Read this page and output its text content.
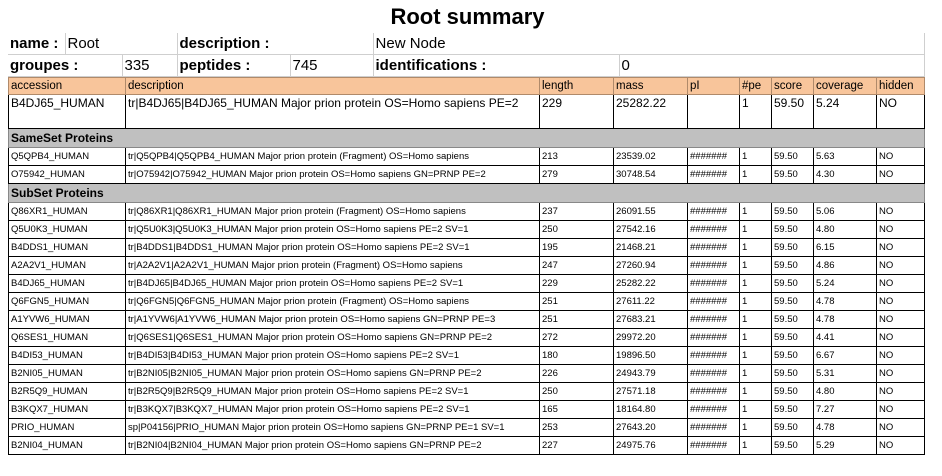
Root summary
name :	Root		description :		New Node	
groupes :		335	peptides :	745	identifications :	0
accession	description	length	mass	pI	#pe	score	coverage	hidden
B4DJ65_HUMAN	tr|B4DJ65|B4DJ65_HUMAN Major prion protein OS=Homo sapiens PE=2	229	25282.22		1	59.50	5.24	NO
SameSet Proteins								
Q5QPB4_HUMAN	tr|Q5QPB4|Q5QPB4_HUMAN Major prion protein (Fragment) OS=Homo sapiens	213	23539.02	#######	1	59.50	5.63	NO
O75942_HUMAN	tr|O75942|O75942_HUMAN Major prion protein OS=Homo sapiens GN=PRNP PE=2	279	30748.54	#######	1	59.50	4.30	NO
SubSet Proteins								
Q86XR1_HUMAN	tr|Q86XR1|Q86XR1_HUMAN Major prion protein (Fragment) OS=Homo sapiens	237	26091.55	#######	1	59.50	5.06	NO
Q5U0K3_HUMAN	tr|Q5U0K3|Q5U0K3_HUMAN Major prion protein OS=Homo sapiens PE=2 SV=1	250	27542.16	#######	1	59.50	4.80	NO
B4DDS1_HUMAN	tr|B4DDS1|B4DDS1_HUMAN Major prion protein OS=Homo sapiens PE=2 SV=1	195	21468.21	#######	1	59.50	6.15	NO
A2A2V1_HUMAN	tr|A2A2V1|A2A2V1_HUMAN Major prion protein (Fragment) OS=Homo sapiens	247	27260.94	#######	1	59.50	4.86	NO
B4DJ65_HUMAN	tr|B4DJ65|B4DJ65_HUMAN Major prion protein OS=Homo sapiens PE=2 SV=1	229	25282.22	#######	1	59.50	5.24	NO
Q6FGN5_HUMAN	tr|Q6FGN5|Q6FGN5_HUMAN Major prion protein (Fragment) OS=Homo sapiens	251	27611.22	#######	1	59.50	4.78	NO
A1YVW6_HUMAN	tr|A1YVW6|A1YVW6_HUMAN Major prion protein OS=Homo sapiens GN=PRNP PE=3	251	27683.21	#######	1	59.50	4.78	NO
Q6SES1_HUMAN	tr|Q6SES1|Q6SES1_HUMAN Major prion protein OS=Homo sapiens GN=PRNP PE=2	272	29972.20	#######	1	59.50	4.41	NO
B4DI53_HUMAN	tr|B4DI53|B4DI53_HUMAN Major prion protein OS=Homo sapiens PE=2 SV=1	180	19896.50	#######	1	59.50	6.67	NO
B2NI05_HUMAN	tr|B2NI05|B2NI05_HUMAN Major prion protein OS=Homo sapiens GN=PRNP PE=2	226	24943.79	#######	1	59.50	5.31	NO
B2R5Q9_HUMAN	tr|B2R5Q9|B2R5Q9_HUMAN Major prion protein OS=Homo sapiens PE=2 SV=1	250	27571.18	#######	1	59.50	4.80	NO
B3KQX7_HUMAN	tr|B3KQX7|B3KQX7_HUMAN Major prion protein OS=Homo sapiens PE=2 SV=1	165	18164.80	#######	1	59.50	7.27	NO
PRIO_HUMAN	sp|P04156|PRIO_HUMAN Major prion protein OS=Homo sapiens GN=PRNP PE=1 SV=1	253	27643.20	#######	1	59.50	4.78	NO
B2NI04_HUMAN	tr|B2NI04|B2NI04_HUMAN Major prion protein OS=Homo sapiens GN=PRNP PE=2	227	24975.76	#######	1	59.50	5.29	NO
